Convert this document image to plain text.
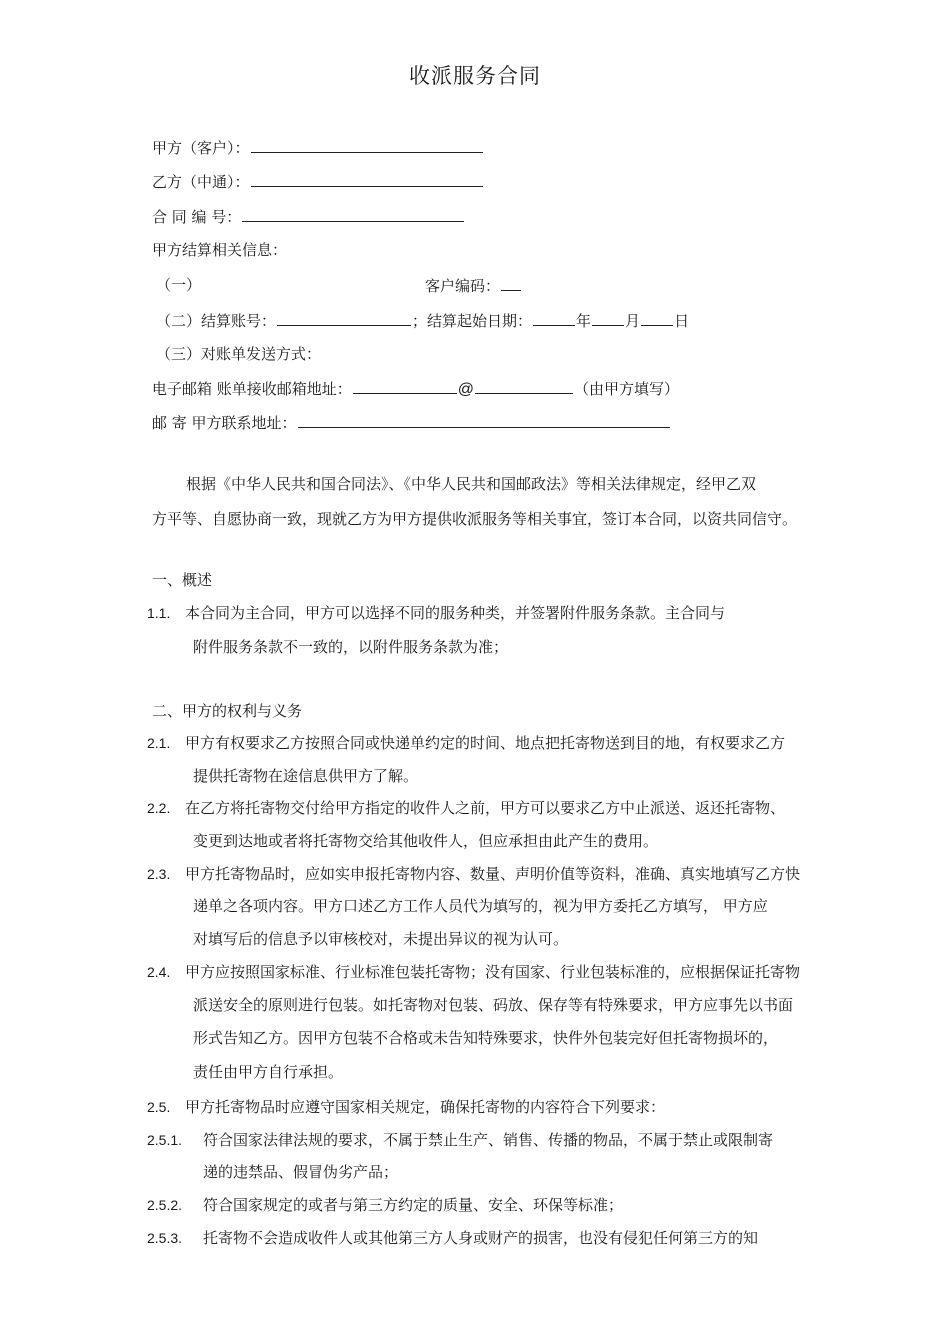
收派服务合同
甲方（客户）：
乙方（中通）：
合 同 编 号：
甲方结算相关信息：
（一）	客户编码：
（二）结算账号：	；结算起始日期：	年 月 日
（三）对账单发送方式：
电子邮箱 账单接收邮箱地址：	@	（由甲方填写）
邮 寄 甲方联系地址：
根据《中华人民共和国合同法》、《中华人民共和国邮政法》等相关法律规定，经甲乙双
方平等、自愿协商一致，现就乙方为甲方提供收派服务等相关事宜，签订本合同，以资共同信守。
一、概述
1.1. 本合同为主合同，甲方可以选择不同的服务种类，并签署附件服务条款。主合同与
附件服务条款不一致的，以附件服务条款为准；
二、甲方的权利与义务
2.1. 甲方有权要求乙方按照合同或快递单约定的时间、地点把托寄物送到目的地，有权要求乙方
提供托寄物在途信息供甲方了解。
2.2. 在乙方将托寄物交付给甲方指定的收件人之前，甲方可以要求乙方中止派送、返还托寄物、
变更到达地或者将托寄物交给其他收件人，但应承担由此产生的费用。
2.3. 甲方托寄物品时，应如实申报托寄物内容、数量、声明价值等资料，准确、真实地填写乙方快
递单之各项内容。甲方口述乙方工作人员代为填写的，视为甲方委托乙方填写， 甲方应
对填写后的信息予以审核校对，未提出异议的视为认可。
2.4. 甲方应按照国家标准、行业标准包装托寄物；没有国家、行业包装标准的，应根据保证托寄物
派送安全的原则进行包装。如托寄物对包装、码放、保存等有特殊要求，甲方应事先以书面
形式告知乙方。因甲方包装不合格或未告知特殊要求，快件外包装完好但托寄物损坏的，
责任由甲方自行承担。
2.5. 甲方托寄物品时应遵守国家相关规定，确保托寄物的内容符合下列要求：
2.5.1. 符合国家法律法规的要求，不属于禁止生产、销售、传播的物品，不属于禁止或限制寄
递的违禁品、假冒伪劣产品；
2.5.2. 符合国家规定的或者与第三方约定的质量、安全、环保等标准；
2.5.3. 托寄物不会造成收件人或其他第三方人身或财产的损害，也没有侵犯任何第三方的知
